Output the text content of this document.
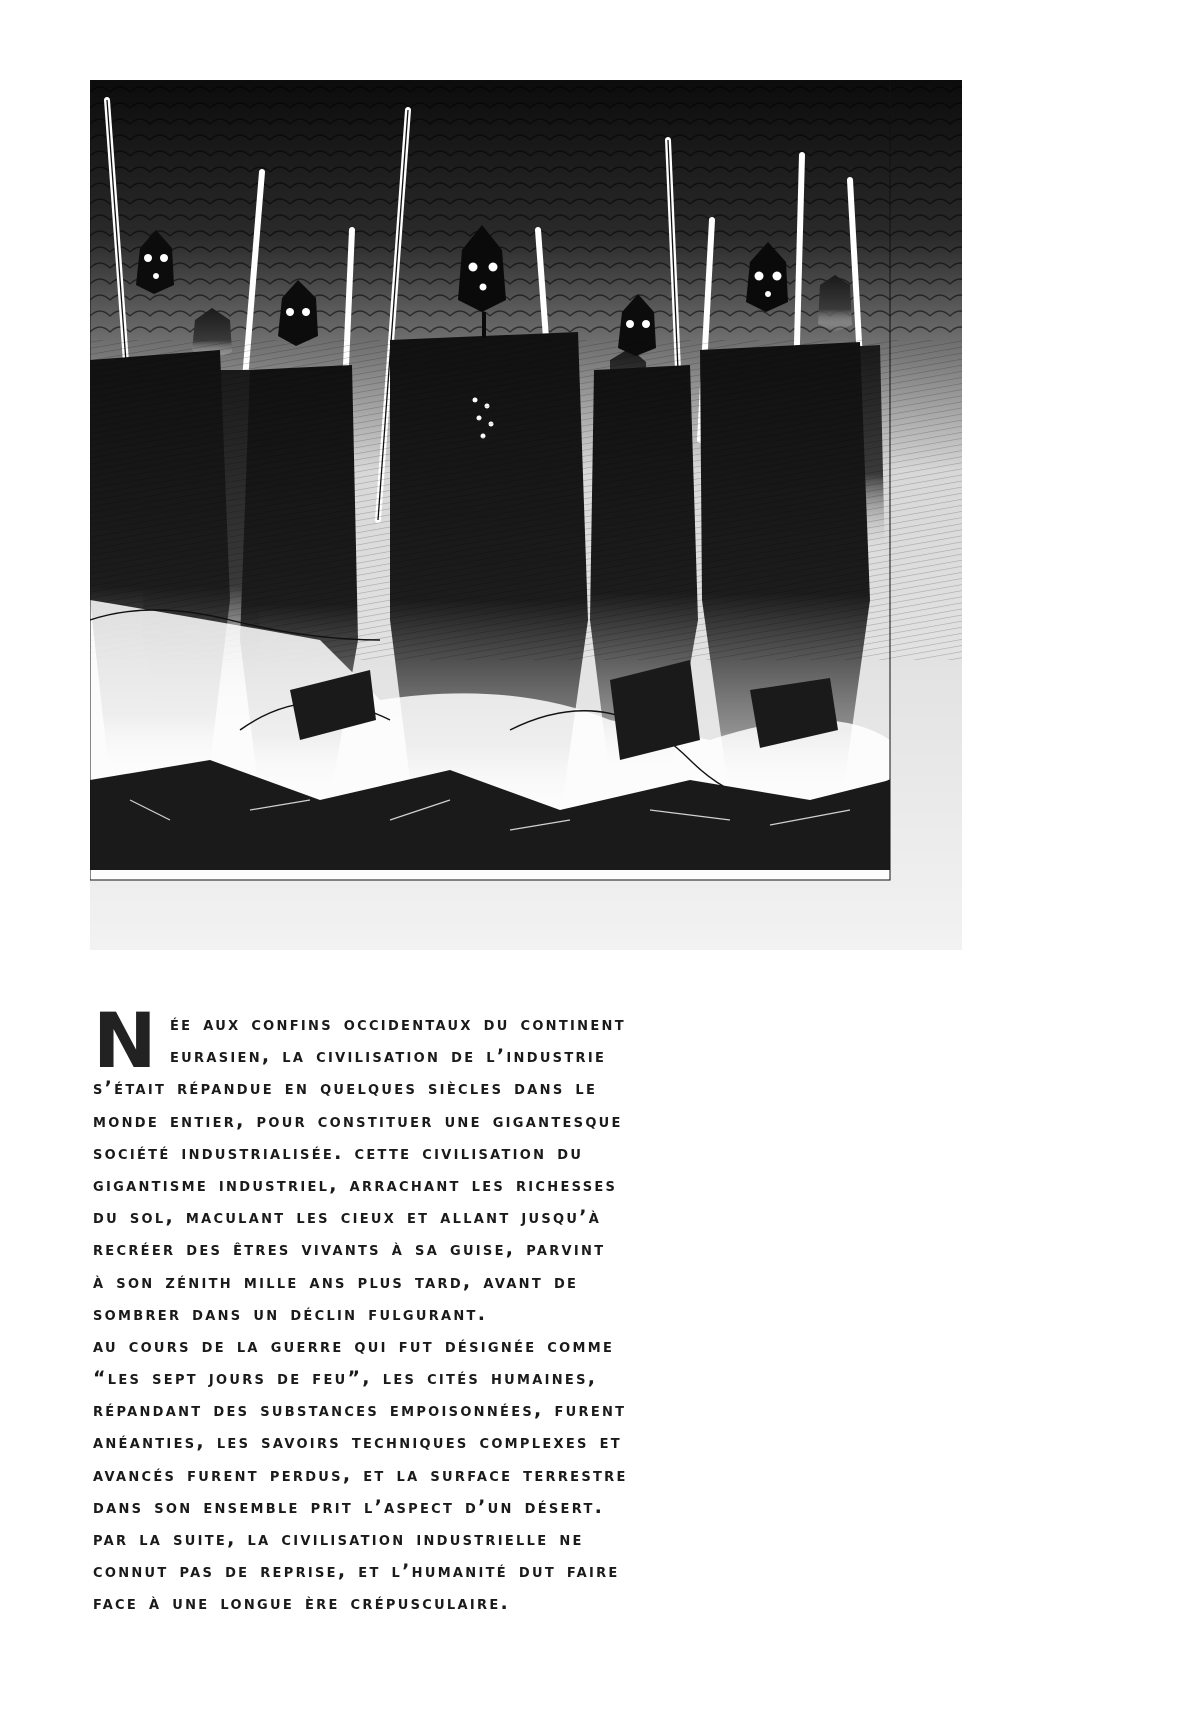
N ée aux confins occidentaux du continent
eurasien, la civilisation de l’industrie
s’était répandue en quelques siècles dans le
monde entier, pour constituer une gigantesque
société industrialisée. cette civilisation du
gigantisme industriel, arrachant les richesses
du sol, maculant les cieux et allant jusqu’à
recréer des êtres vivants à sa guise, parvint
à son zénith mille ans plus tard, avant de
sombrer dans un déclin fulgurant.
au cours de la guerre qui fut désignée comme
“les sept jours de feu”, les cités humaines,
répandant des substances empoisonnées, furent
anéanties, les savoirs techniques complexes et
avancés furent perdus, et la surface terrestre
dans son ensemble prit l’aspect d’un désert.
par la suite, la civilisation industrielle ne
connut pas de reprise, et l’humanité dut faire
face à une longue ère crépusculaire.
